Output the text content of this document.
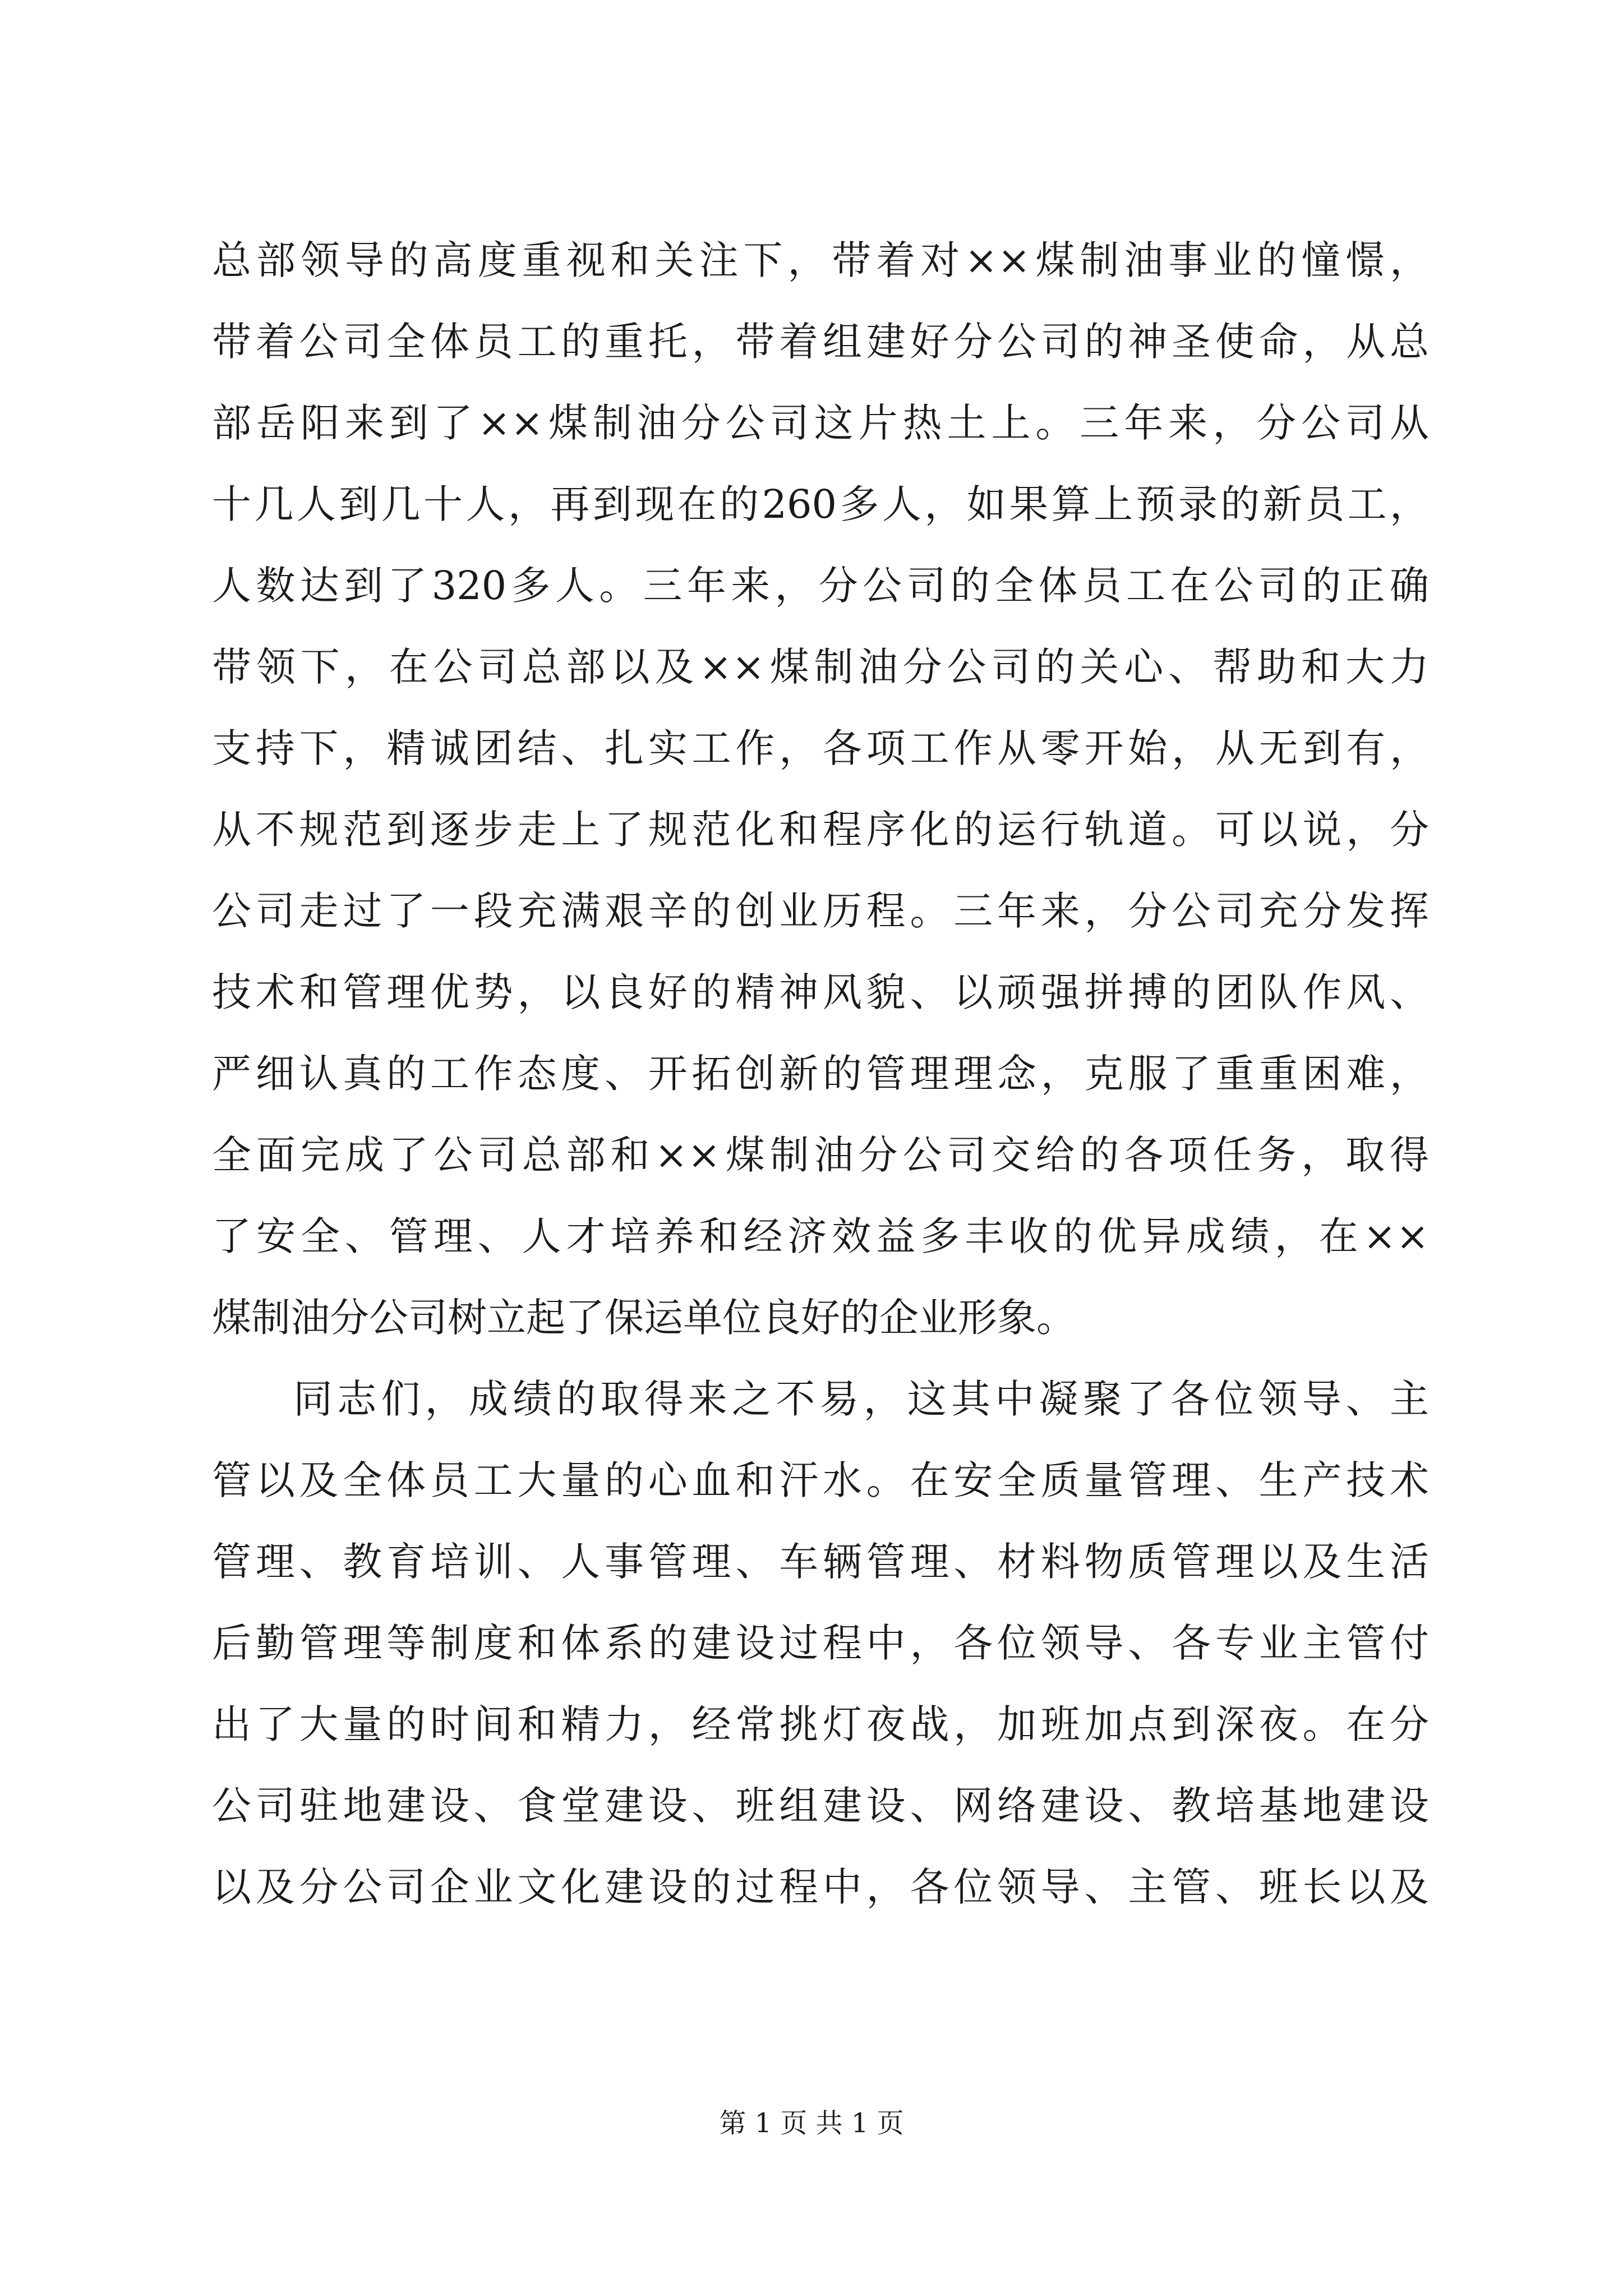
总部领导的高度重视和关注下，带着对××煤制油事业的憧憬，
带着公司全体员工的重托，带着组建好分公司的神圣使命，从总
部岳阳来到了××煤制油分公司这片热土上。三年来，分公司从
十几人到几十人，再到现在的260多人，如果算上预录的新员工，
人数达到了320多人。三年来，分公司的全体员工在公司的正确
带领下，在公司总部以及××煤制油分公司的关心、帮助和大力
支持下，精诚团结、扎实工作，各项工作从零开始，从无到有，
从不规范到逐步走上了规范化和程序化的运行轨道。可以说，分
公司走过了一段充满艰辛的创业历程。三年来，分公司充分发挥
技术和管理优势，以良好的精神风貌、以顽强拼搏的团队作风、
严细认真的工作态度、开拓创新的管理理念，克服了重重困难，
全面完成了公司总部和××煤制油分公司交给的各项任务，取得
了安全、管理、人才培养和经济效益多丰收的优异成绩，在××
煤制油分公司树立起了保运单位良好的企业形象。
同志们，成绩的取得来之不易，这其中凝聚了各位领导、主
管以及全体员工大量的心血和汗水。在安全质量管理、生产技术
管理、教育培训、人事管理、车辆管理、材料物质管理以及生活
后勤管理等制度和体系的建设过程中，各位领导、各专业主管付
出了大量的时间和精力，经常挑灯夜战，加班加点到深夜。在分
公司驻地建设、食堂建设、班组建设、网络建设、教培基地建设
以及分公司企业文化建设的过程中，各位领导、主管、班长以及
第 1 页 共 1 页
